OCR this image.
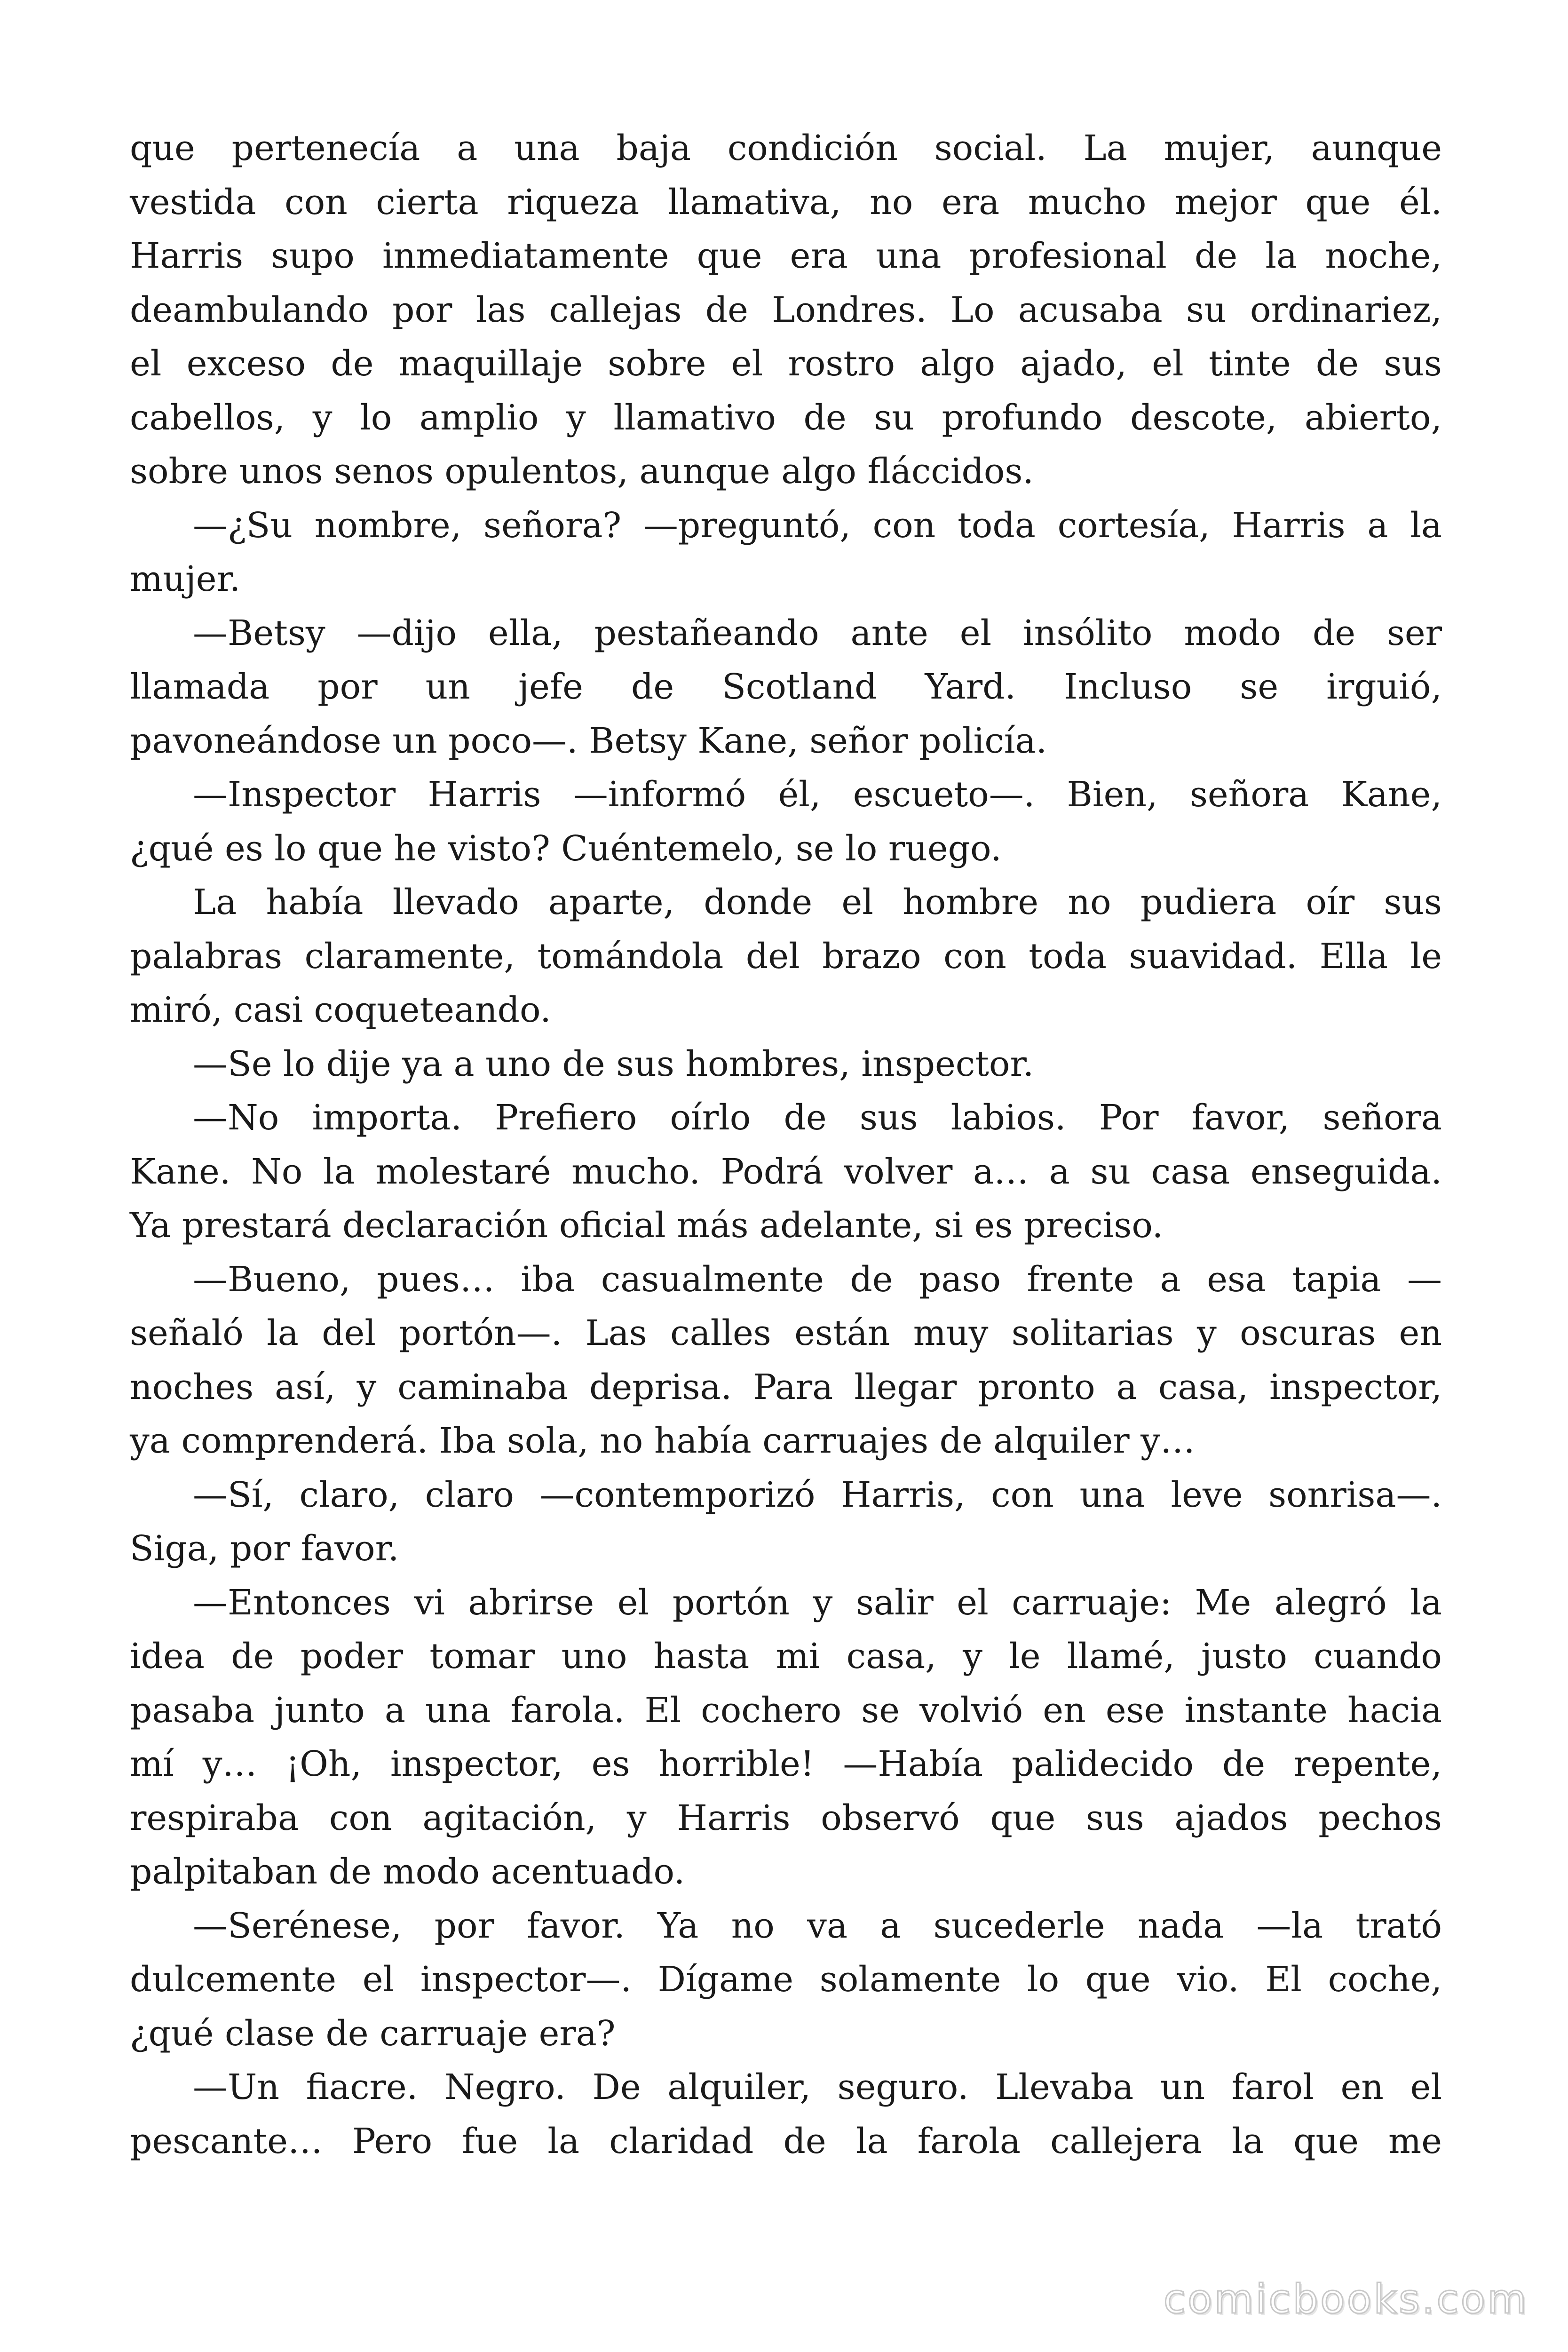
que pertenecía a una baja condición social. La mujer, aunque

vestida con cierta riqueza llamativa, no era mucho mejor que él.

Harris supo inmediatamente que era una profesional de la noche,

deambulando por las callejas de Londres. Lo acusaba su ordinariez,

el exceso de maquillaje sobre el rostro algo ajado, el tinte de sus

cabellos, y lo amplio y llamativo de su profundo descote, abierto,

sobre unos senos opulentos, aunque algo fláccidos.

—¿Su nombre, señora? —preguntó, con toda cortesía, Harris a la

mujer.

—Betsy —dijo ella, pestañeando ante el insólito modo de ser

llamada por un jefe de Scotland Yard. Incluso se irguió,

pavoneándose un poco—. Betsy Kane, señor policía.

—Inspector Harris —informó él, escueto—. Bien, señora Kane,

¿qué es lo que he visto? Cuéntemelo, se lo ruego.

La había llevado aparte, donde el hombre no pudiera oír sus

palabras claramente, tomándola del brazo con toda suavidad. Ella le

miró, casi coqueteando.

—Se lo dije ya a uno de sus hombres, inspector.

—No importa. Prefiero oírlo de sus labios. Por favor, señora

Kane. No la molestaré mucho. Podrá volver a… a su casa enseguida.

Ya prestará declaración oficial más adelante, si es preciso.

—Bueno, pues… iba casualmente de paso frente a esa tapia —

señaló la del portón—. Las calles están muy solitarias y oscuras en

noches así, y caminaba deprisa. Para llegar pronto a casa, inspector,

ya comprenderá. Iba sola, no había carruajes de alquiler y…

—Sí, claro, claro —contemporizó Harris, con una leve sonrisa—.

Siga, por favor.

—Entonces vi abrirse el portón y salir el carruaje: Me alegró la

idea de poder tomar uno hasta mi casa, y le llamé, justo cuando

pasaba junto a una farola. El cochero se volvió en ese instante hacia

mí y… ¡Oh, inspector, es horrible! —Había palidecido de repente,

respiraba con agitación, y Harris observó que sus ajados pechos

palpitaban de modo acentuado.

—Serénese, por favor. Ya no va a sucederle nada —la trató

dulcemente el inspector—. Dígame solamente lo que vio. El coche,

¿qué clase de carruaje era?

—Un fiacre. Negro. De alquiler, seguro. Llevaba un farol en el

pescante… Pero fue la claridad de la farola callejera la que me

comicbooks.com
